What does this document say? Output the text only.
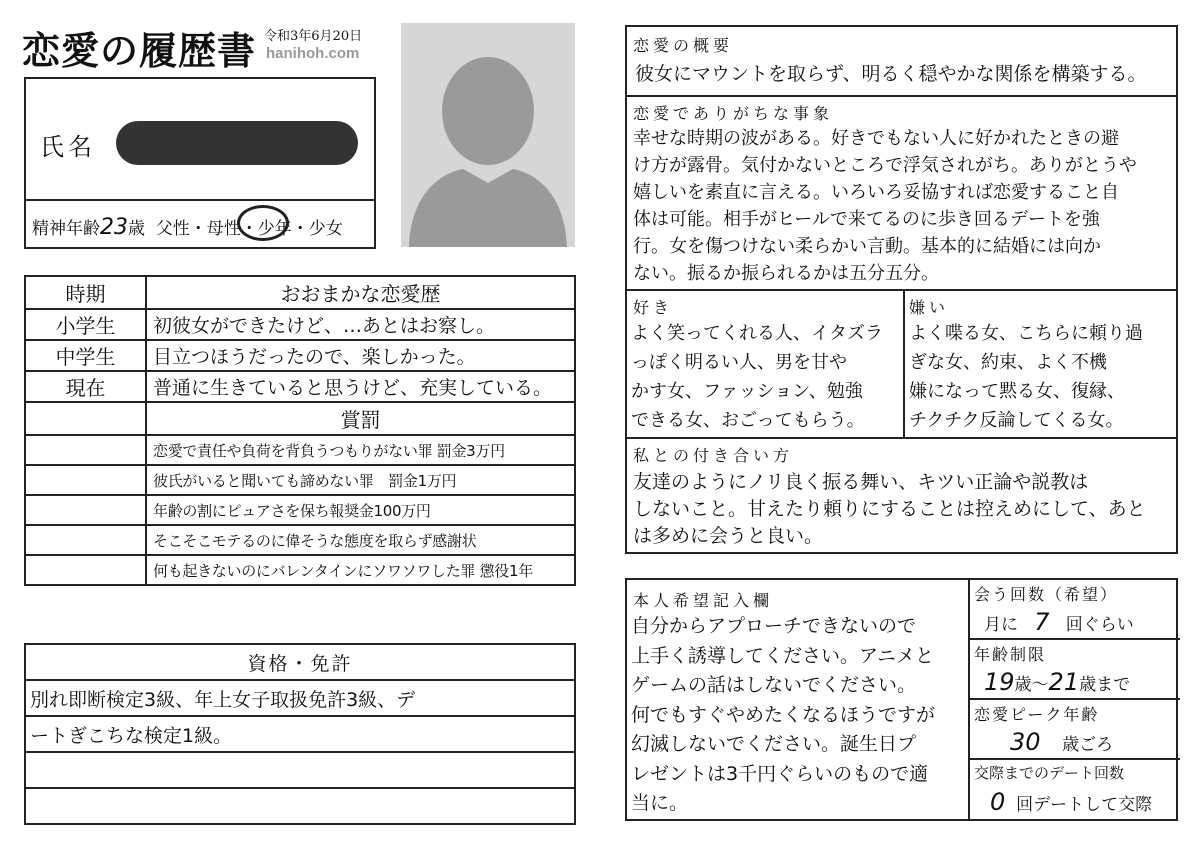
恋愛の履歴書 令和3年6月20日
hanihoh.com
氏名
精神年齢23歳 父性・母性・少年・少女
時期	おおまかな恋愛歴
小学生	初彼女ができたけど、…あとはお察し。
中学生	目立つほうだったので、楽しかった。
現在	普通に生きていると思うけど、充実している。
	賞罰
	恋愛で責任や負荷を背負うつもりがない罪 罰金3万円
	彼氏がいると聞いても諦めない罪　罰金1万円
	年齢の割にピュアさを保ち報奨金100万円
	そこそこモテるのに偉そうな態度を取らず感謝状
	何も起きないのにバレンタインにソワソワした罪 懲役1年
資格・免許
別れ即断検定3級、年上女子取扱免許3級、デ
ートぎこちな検定1級。

恋愛の概要
彼女にマウントを取らず、明るく穏やかな関係を構築する。
恋愛でありがちな事象
幸せな時期の波がある。好きでもない人に好かれたときの避
け方が露骨。気付かないところで浮気されがち。ありがとうや
嬉しいを素直に言える。いろいろ妥協すれば恋愛すること自
体は可能。相手がヒールで来てるのに歩き回るデートを強
行。女を傷つけない柔らかい言動。基本的に結婚には向か
ない。振るか振られるかは五分五分。
好き
よく笑ってくれる人、イタズラ
っぽく明るい人、男を甘や
かす女、ファッション、勉強
できる女、おごってもらう。
嫌い
よく喋る女、こちらに頼り過
ぎな女、約束、よく不機
嫌になって黙る女、復縁、
チクチク反論してくる女。
私との付き合い方
友達のようにノリ良く振る舞い、キツい正論や説教は
しないこと。甘えたり頼りにすることは控えめにして、あと
は多めに会うと良い。
本人希望記入欄
自分からアプローチできないので
上手く誘導してください。アニメと
ゲームの話はしないでください。
何でもすぐやめたくなるほうですが
幻滅しないでください。誕生日プ
レゼントは3千円ぐらいのもので適
当に。
会う回数（希望）
月に 7 回ぐらい
年齢制限
19歳～21歳まで
恋愛ピーク年齢
30 歳ごろ
交際までのデート回数
0 回デートして交際
